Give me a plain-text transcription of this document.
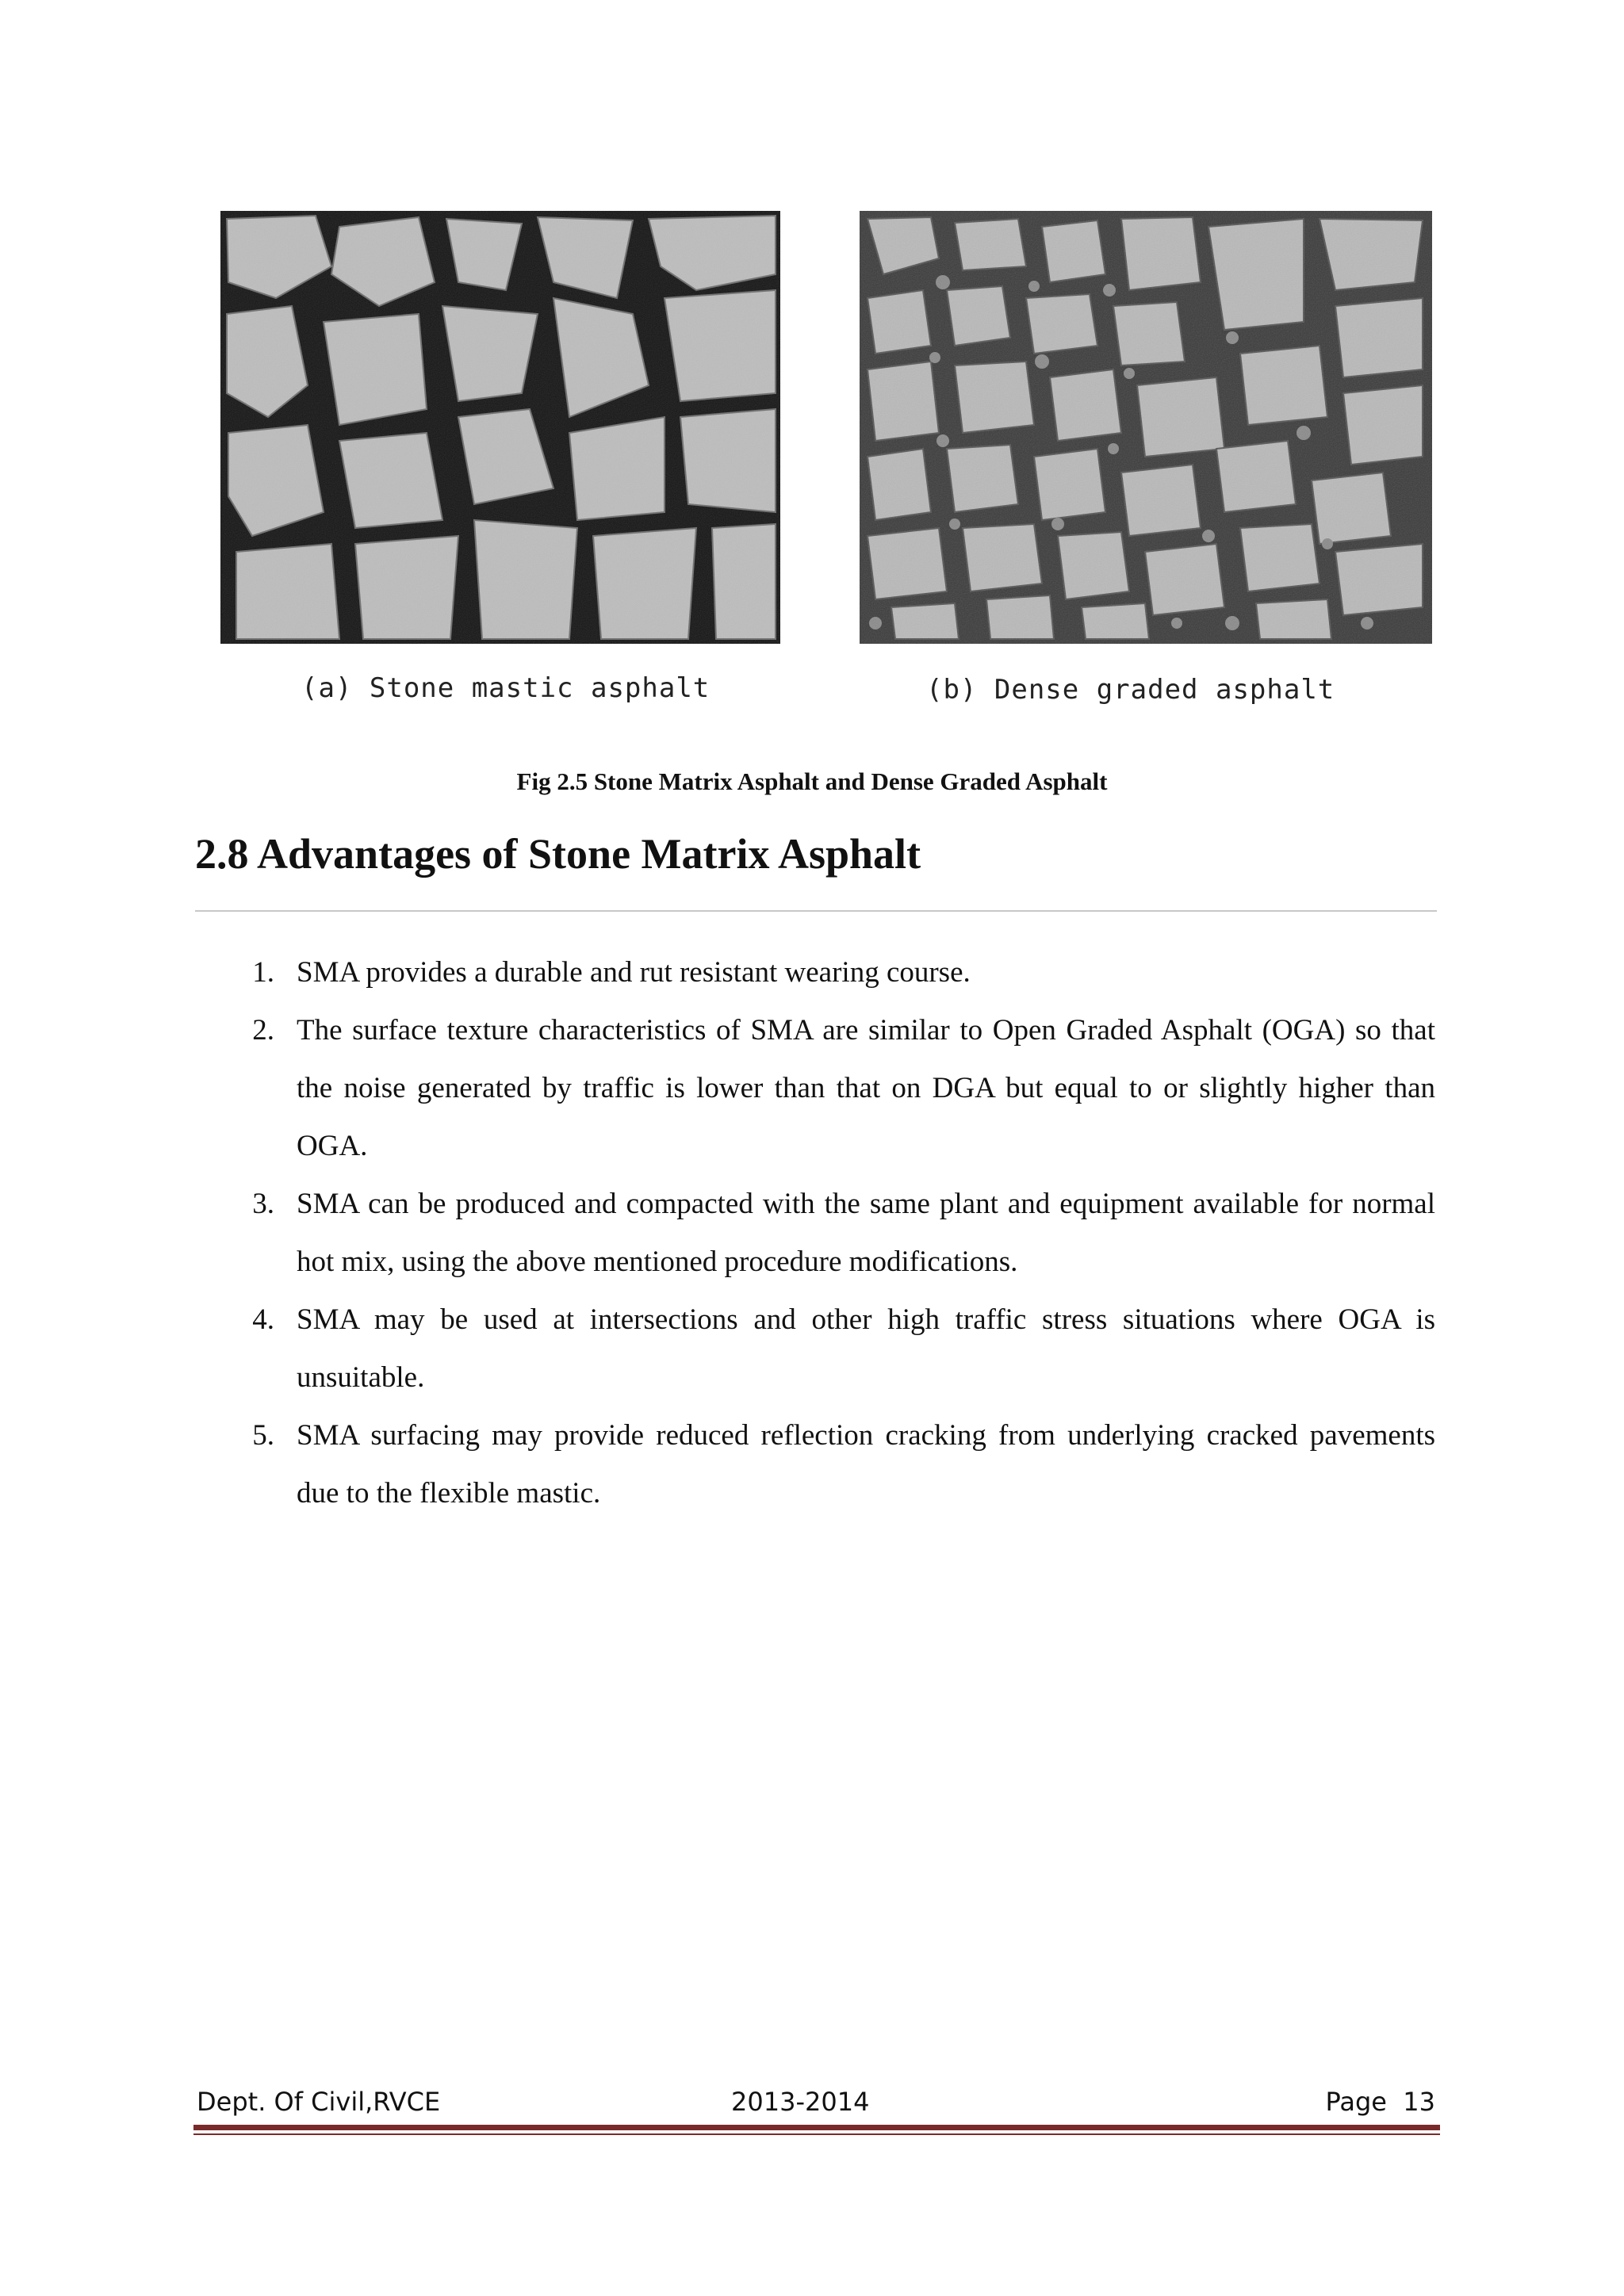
(a) Stone mastic asphalt	(b) Dense graded asphalt
Fig 2.5 Stone Matrix Asphalt and Dense Graded Asphalt
2.8 Advantages of Stone Matrix Asphalt
1. SMA provides a durable and rut resistant wearing course.
2. The surface texture characteristics of SMA are similar to Open Graded Asphalt (OGA) so that the noise generated by traffic is lower than that on DGA but equal to or slightly higher than OGA.
3. SMA can be produced and compacted with the same plant and equipment available for normal hot mix, using the above mentioned procedure modifications.
4. SMA may be used at intersections and other high traffic stress situations where OGA is unsuitable.
5. SMA surfacing may provide reduced reflection cracking from underlying cracked pavements due to the flexible mastic.
Dept. Of Civil,RVCE	2013-2014	Page  13
